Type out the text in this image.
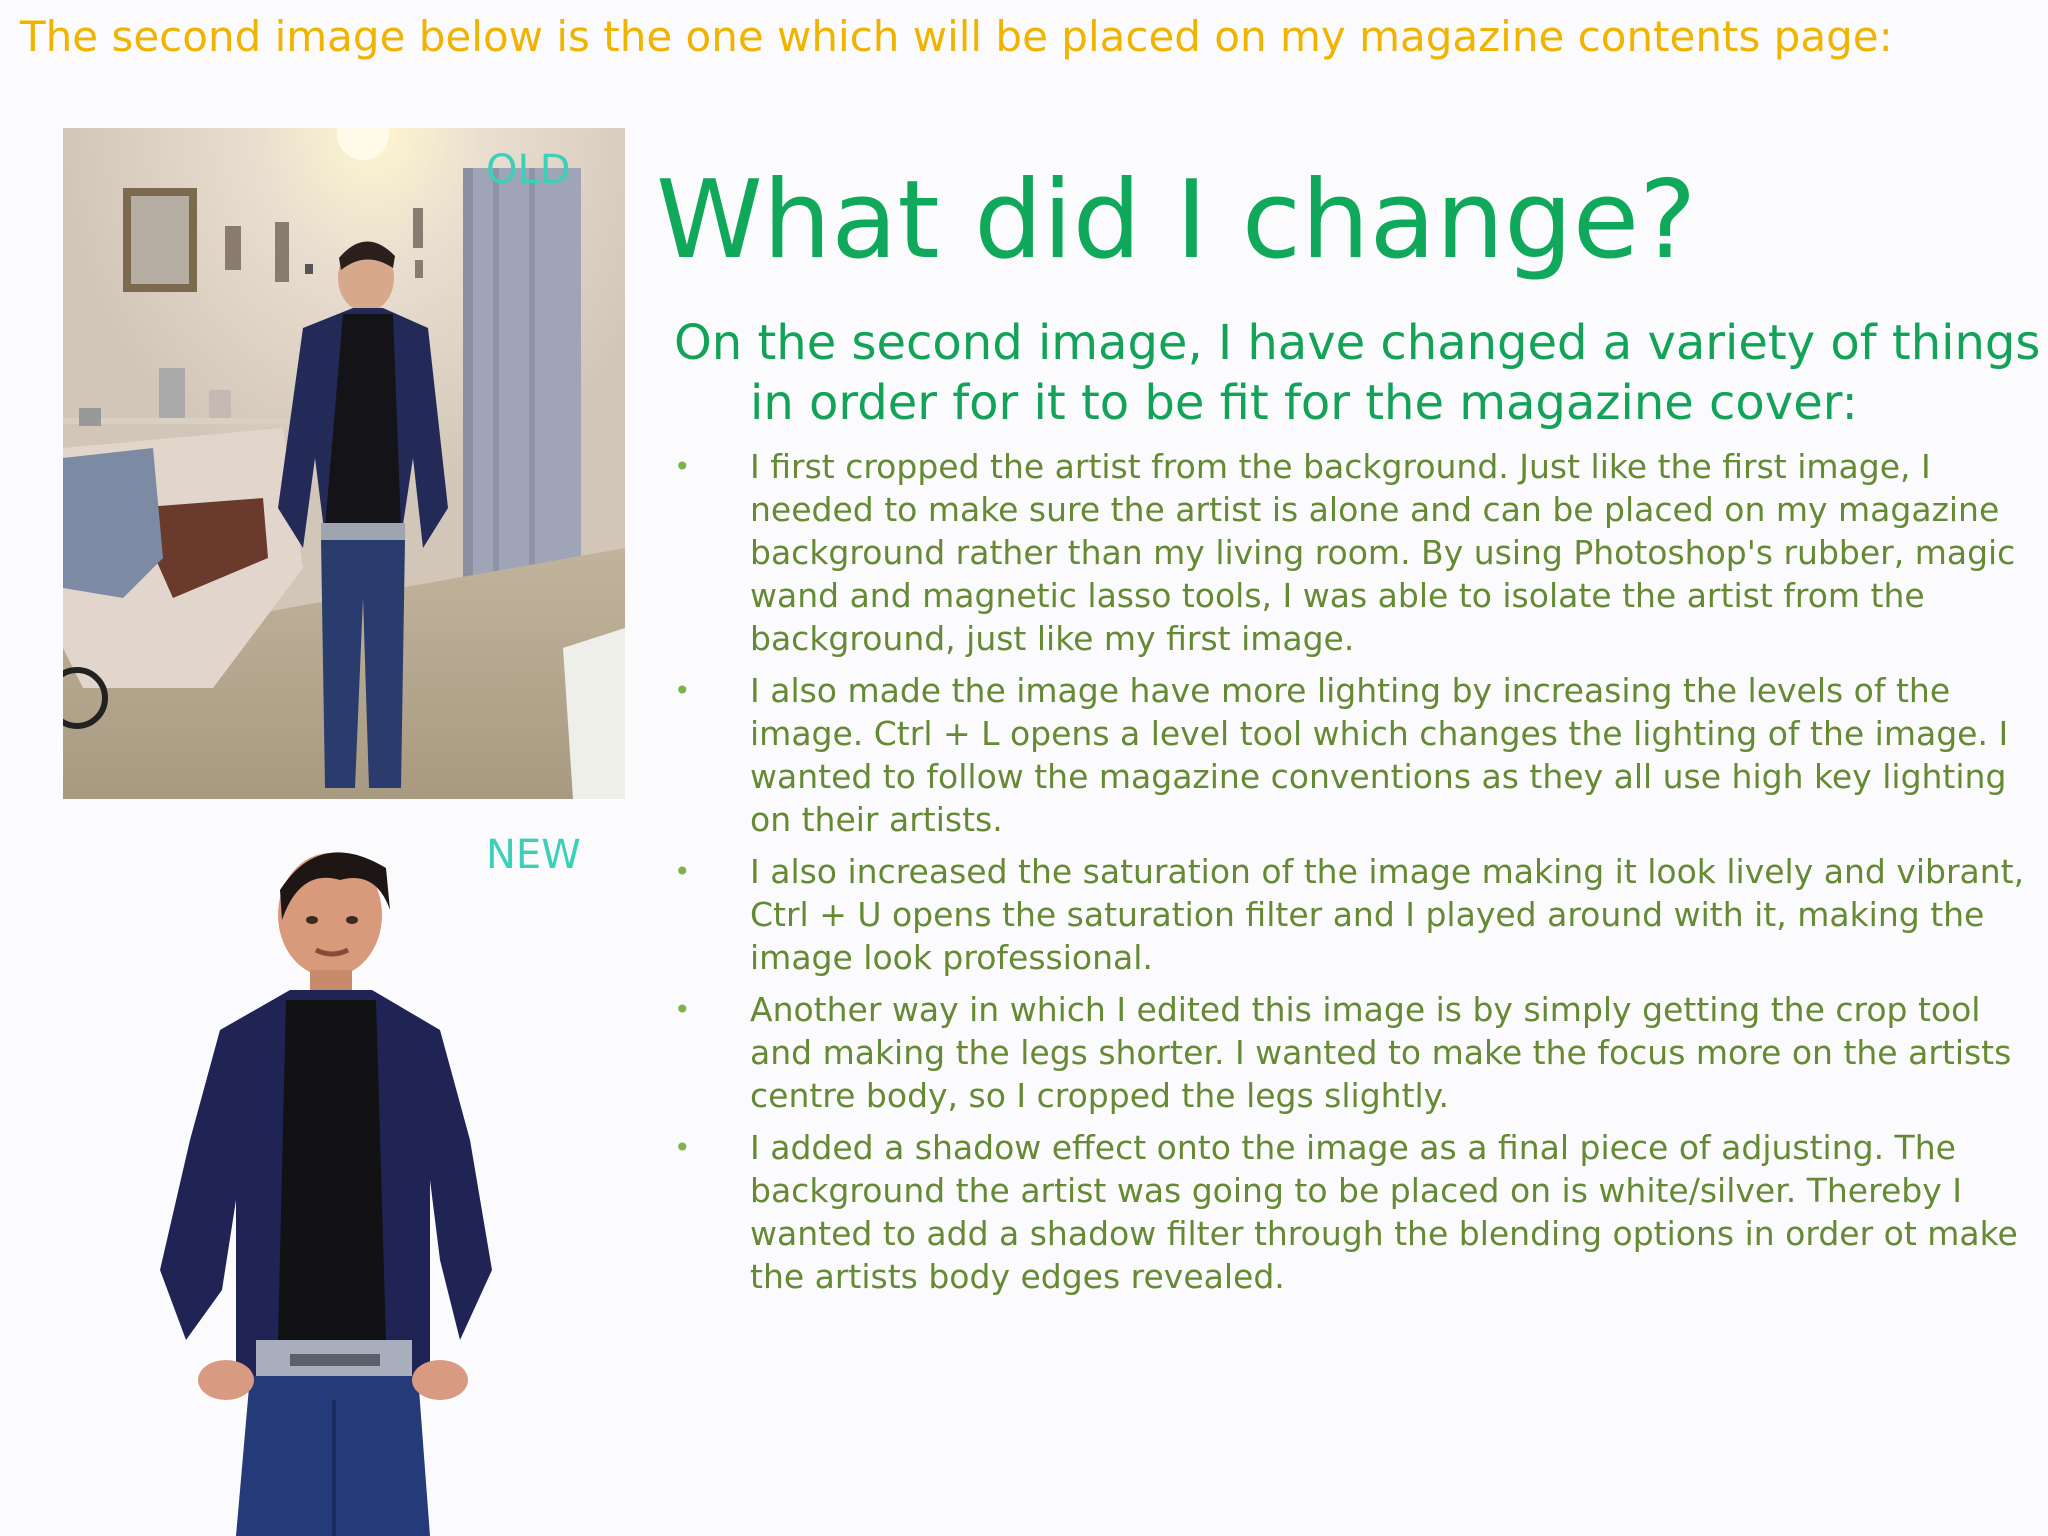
The second image below is the one which will be placed on my magazine contents page:

OLD

NEW

What did I change?

On the second image, I have changed a variety of things in order for it to be fit for the magazine cover:

• I first cropped the artist from the background. Just like the first image, I needed to make sure the artist is alone and can be placed on my magazine background rather than my living room. By using Photoshop's rubber, magic wand and magnetic lasso tools, I was able to isolate the artist from the background, just like my first image.
• I also made the image have more lighting by increasing the levels of the image. Ctrl + L opens a level tool which changes the lighting of the image. I wanted to follow the magazine conventions as they all use high key lighting on their artists.
• I also increased the saturation of the image making it look lively and vibrant, Ctrl + U opens the saturation filter and I played around with it, making the image look professional.
• Another way in which I edited this image is by simply getting the crop tool and making the legs shorter. I wanted to make the focus more on the artists centre body, so I cropped the legs slightly.
• I added a shadow effect onto the image as a final piece of adjusting. The background the artist was going to be placed on is white/silver. Thereby I wanted to add a shadow filter through the blending options in order ot make the artists body edges revealed.
